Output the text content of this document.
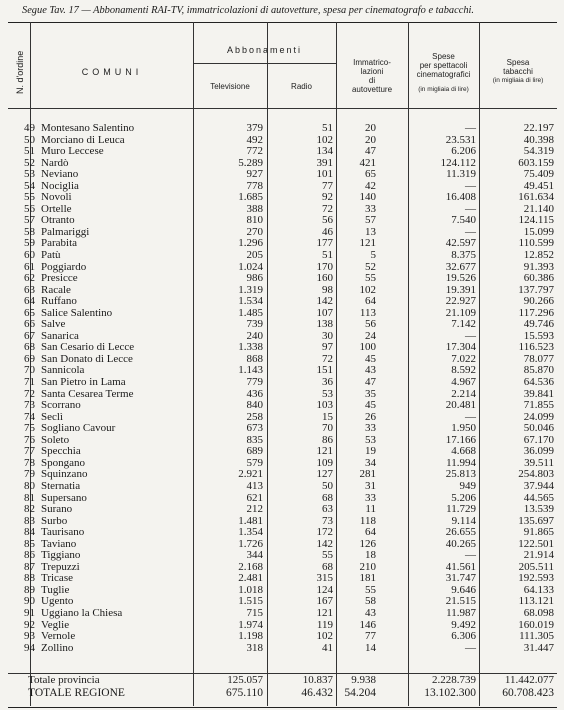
Segue Tav. 17 — Abbonamenti RAI-TV, immatricolazioni di autovetture, spesa per cinematografo e tabacchi.
N. d'ordine	COMUNI
Abbonamenti
Televisione	Radio
Immatrico-
lazioni
di
autovetture
Spese
per spettacoli
cinematografici
(in migliaia di lire)
Spesa
tabacchi
(in migliaia di lire)
49 Montesano Salentino	379	51	20	—	22.197
50 Morciano di Leuca	492	102	20	23.531	40.398
51 Muro Leccese	772	134	47	6.206	54.319
52 Nardò	5.289	391	421	124.112	603.159
53 Neviano	927	101	65	11.319	75.409
54 Nociglia	778	77	42	—	49.451
55 Novoli	1.685	92	140	16.408	161.634
56 Ortelle	388	72	33	—	21.140
57 Otranto	810	56	57	7.540	124.115
58 Palmariggi	270	46	13	—	15.099
59 Parabita	1.296	177	121	42.597	110.599
60 Patù	205	51	5	8.375	12.852
61 Poggiardo	1.024	170	52	32.677	91.393
62 Presicce	986	160	55	19.526	60.386
63 Racale	1.319	98	102	19.391	137.797
64 Ruffano	1.534	142	64	22.927	90.266
65 Salice Salentino	1.485	107	113	21.109	117.296
66 Salve	739	138	56	7.142	49.746
67 Sanarica	240	30	24	—	15.593
68 San Cesario di Lecce	1.338	97	100	17.304	116.523
69 San Donato di Lecce	868	72	45	7.022	78.077
70 Sannicola	1.143	151	43	8.592	85.870
71 San Pietro in Lama	779	36	47	4.967	64.536
72 Santa Cesarea Terme	436	53	35	2.214	39.841
73 Scorrano	840	103	45	20.481	71.855
74 Seclì	258	15	26	—	24.099
75 Sogliano Cavour	673	70	33	1.950	50.046
76 Soleto	835	86	53	17.166	67.170
77 Specchia	689	121	19	4.668	36.099
78 Spongano	579	109	34	11.994	39.511
79 Squinzano	2.921	127	281	25.813	254.803
80 Sternatia	413	50	31	949	37.944
81 Supersano	621	68	33	5.206	44.565
82 Surano	212	63	11	11.729	13.539
83 Surbo	1.481	73	118	9.114	135.697
84 Taurisano	1.354	172	64	26.655	91.865
85 Taviano	1.726	142	126	40.265	122.501
86 Tiggiano	344	55	18	—	21.914
87 Trepuzzi	2.168	68	210	41.561	205.511
88 Tricase	2.481	315	181	31.747	192.593
89 Tuglie	1.018	124	55	9.646	64.133
90 Ugento	1.515	167	58	21.515	113.121
91 Uggiano la Chiesa	715	121	43	11.987	68.098
92 Veglie	1.974	119	146	9.492	160.019
93 Vernole	1.198	102	77	6.306	111.305
94 Zollino	318	41	14	—	31.447
Totale provincia	125.057	10.837	9.938	2.228.739	11.442.077
TOTALE REGIONE	675.110	46.432 54.204	13.102.300	60.708.423
